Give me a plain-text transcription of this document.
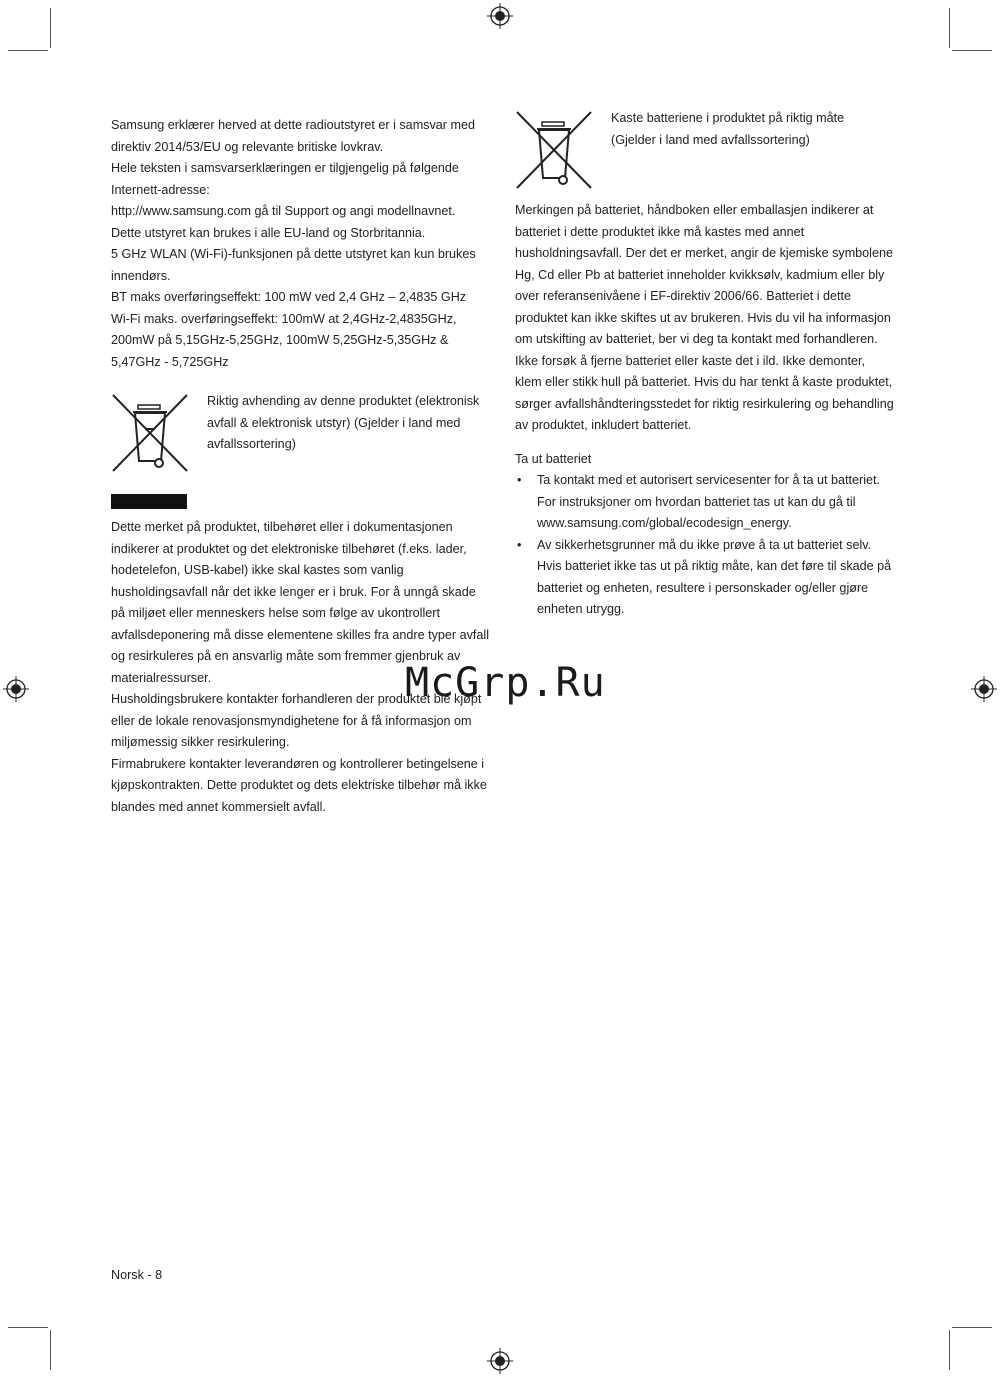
Samsung erklærer herved at dette radioutstyret er i samsvar med direktiv 2014/53/EU og relevante britiske lovkrav.

Hele teksten i samsvarserklæringen er tilgjengelig på følgende Internett-adresse:

http://www.samsung.com gå til Support og angi modellnavnet.

Dette utstyret kan brukes i alle EU-land og Storbritannia.

5 GHz WLAN (Wi-Fi)-funksjonen på dette utstyret kan kun brukes innendørs.

BT maks overføringseffekt: 100 mW ved 2,4 GHz – 2,4835 GHz

Wi-Fi maks. overføringseffekt: 100mW at 2,4GHz-2,4835GHz, 200mW på 5,15GHz-5,25GHz, 100mW 5,25GHz-5,35GHz & 5,47GHz - 5,725GHz

Riktig avhending av denne produktet (elektronisk avfall & elektronisk utstyr) (Gjelder i land med avfallssortering)

Dette merket på produktet, tilbehøret eller i dokumentasjonen indikerer at produktet og det elektroniske tilbehøret (f.eks. lader, hodetelefon, USB-kabel) ikke skal kastes som vanlig husholdingsavfall når det ikke lenger er i bruk. For å unngå skade på miljøet eller menneskers helse som følge av ukontrollert avfallsdeponering må disse elementene skilles fra andre typer avfall og resirkuleres på en ansvarlig måte som fremmer gjenbruk av materialressurser.

Husholdingsbrukere kontakter forhandleren der produktet ble kjøpt eller de lokale renovasjonsmyndighetene for å få informasjon om miljømessig sikker resirkulering.

Firmabrukere kontakter leverandøren og kontrollerer betingelsene i kjøpskontrakten. Dette produktet og dets elektriske tilbehør må ikke blandes med annet kommersielt avfall.

Kaste batteriene i produktet på riktig måte (Gjelder i land med avfallssortering)

Merkingen på batteriet, håndboken eller emballasjen indikerer at batteriet i dette produktet ikke må kastes med annet husholdningsavfall. Der det er merket, angir de kjemiske symbolene Hg, Cd eller Pb at batteriet inneholder kvikksølv, kadmium eller bly over referansenivåene i EF-direktiv 2006/66. Batteriet i dette produktet kan ikke skiftes ut av brukeren. Hvis du vil ha informasjon om utskifting av batteriet, ber vi deg ta kontakt med forhandleren. Ikke forsøk å fjerne batteriet eller kaste det i ild. Ikke demonter, klem eller stikk hull på batteriet. Hvis du har tenkt å kaste produktet, sørger avfallshåndteringsstedet for riktig resirkulering og behandling av produktet, inkludert batteriet.

Ta ut batteriet

• Ta kontakt med et autorisert servicesenter for å ta ut batteriet. For instruksjoner om hvordan batteriet tas ut kan du gå til www.samsung.com/global/ecodesign_energy.
• Av sikkerhetsgrunner må du ikke prøve å ta ut batteriet selv. Hvis batteriet ikke tas ut på riktig måte, kan det føre til skade på batteriet og enheten, resultere i personskader og/eller gjøre enheten utrygg.
McGrp.Ru
Norsk - 8
